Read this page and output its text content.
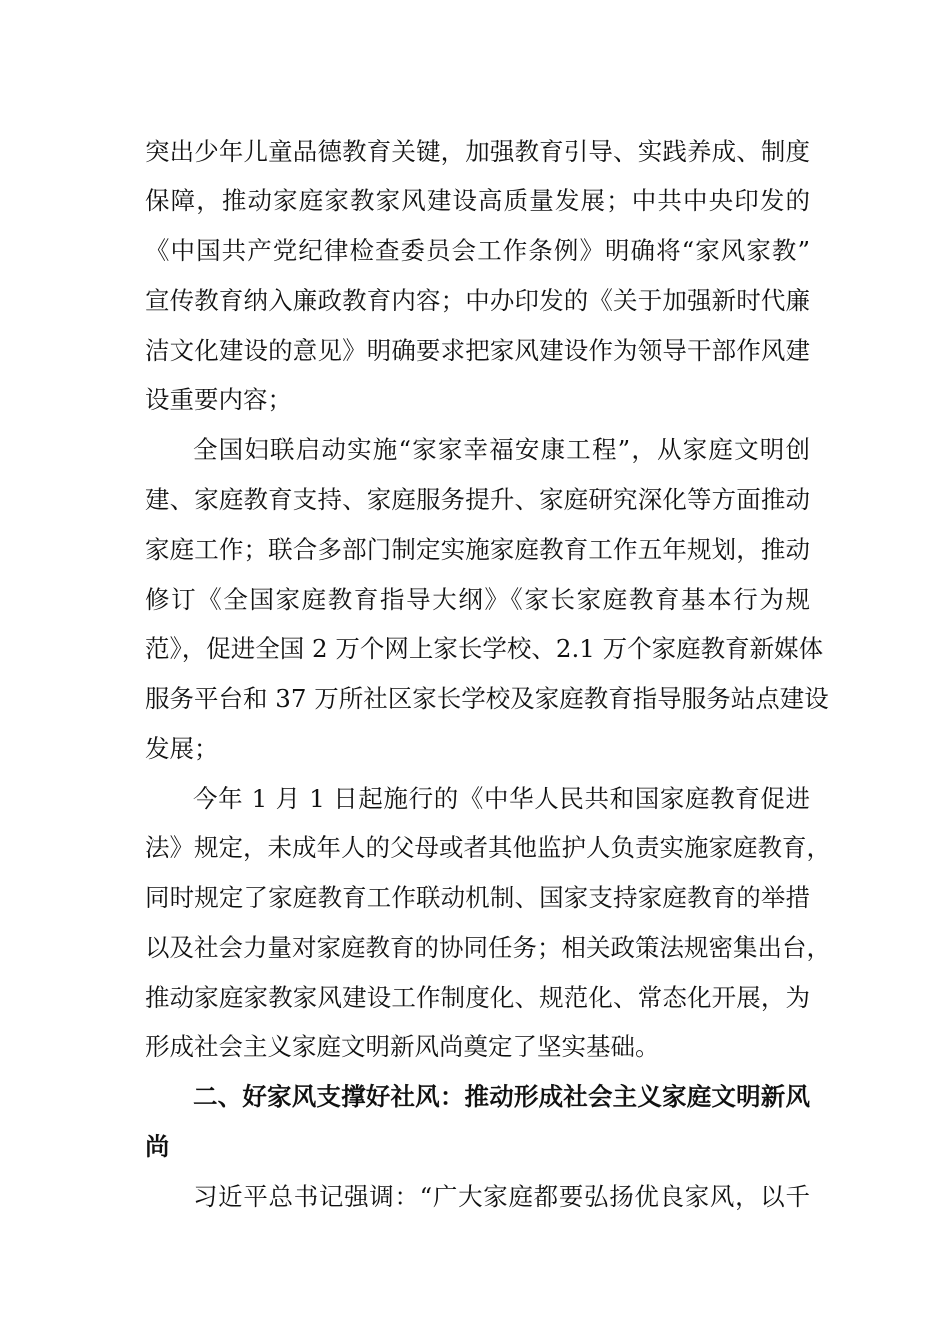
突出少年儿童品德教育关键，加强教育引导、实践养成、制度
保障，推动家庭家教家风建设高质量发展；中共中央印发的
《中国共产党纪律检查委员会工作条例》明确将“家风家教”
宣传教育纳入廉政教育内容；中办印发的《关于加强新时代廉
洁文化建设的意见》明确要求把家风建设作为领导干部作风建
设重要内容；
全国妇联启动实施“家家幸福安康工程”，从家庭文明创
建、家庭教育支持、家庭服务提升、家庭研究深化等方面推动
家庭工作；联合多部门制定实施家庭教育工作五年规划，推动
修订《全国家庭教育指导大纲》《家长家庭教育基本行为规
范》，促进全国 2 万个网上家长学校、2.1 万个家庭教育新媒体
服务平台和 37 万所社区家长学校及家庭教育指导服务站点建设
发展；
今年 1 月 1 日起施行的《中华人民共和国家庭教育促进
法》规定，未成年人的父母或者其他监护人负责实施家庭教育，
同时规定了家庭教育工作联动机制、国家支持家庭教育的举措
以及社会力量对家庭教育的协同任务；相关政策法规密集出台，
推动家庭家教家风建设工作制度化、规范化、常态化开展，为
形成社会主义家庭文明新风尚奠定了坚实基础。
二、好家风支撑好社风：推动形成社会主义家庭文明新风
尚
习近平总书记强调：“广大家庭都要弘扬优良家风，以千
